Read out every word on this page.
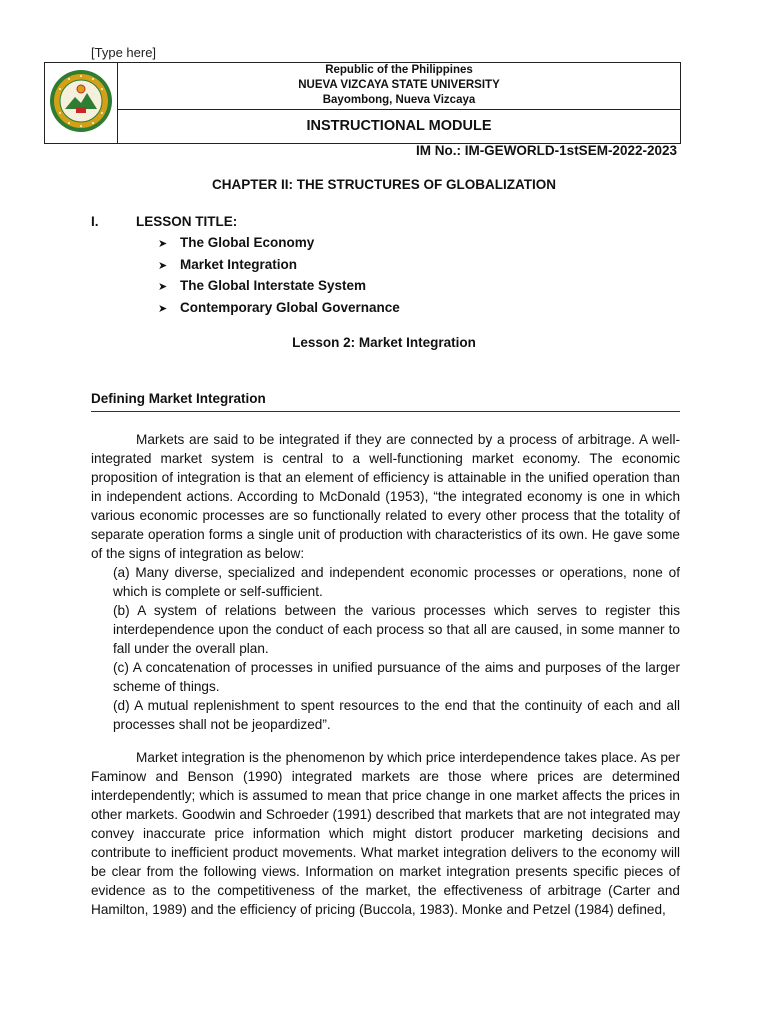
[Type here]

Republic of the Philippines
NUEVA VIZCAYA STATE UNIVERSITY
Bayombong, Nueva Vizcaya

INSTRUCTIONAL MODULE
IM No.: IM-GEWORLD-1stSEM-2022-2023
CHAPTER II: THE STRUCTURES OF GLOBALIZATION
I.	LESSON TITLE:
➤ The Global Economy
➤ Market Integration
➤ The Global Interstate System
➤ Contemporary Global Governance
Lesson 2: Market Integration
Defining Market Integration

Markets are said to be integrated if they are connected by a process of arbitrage. A well-integrated market system is central to a well-functioning market economy. The economic proposition of integration is that an element of efficiency is attainable in the unified operation than in independent actions. According to McDonald (1953), “the integrated economy is one in which various economic processes are so functionally related to every other process that the totality of separate operation forms a single unit of production with characteristics of its own. He gave some of the signs of integration as below:

(a) Many diverse, specialized and independent economic processes or operations, none of which is complete or self-sufficient.
(b) A system of relations between the various processes which serves to register this interdependence upon the conduct of each process so that all are caused, in some manner to fall under the overall plan.
(c) A concatenation of processes in unified pursuance of the aims and purposes of the larger scheme of things.
(d) A mutual replenishment to spent resources to the end that the continuity of each and all processes shall not be jeopardized”.

Market integration is the phenomenon by which price interdependence takes place. As per Faminow and Benson (1990) integrated markets are those where prices are determined interdependently; which is assumed to mean that price change in one market affects the prices in other markets. Goodwin and Schroeder (1991) described that markets that are not integrated may convey inaccurate price information which might distort producer marketing decisions and contribute to inefficient product movements. What market integration delivers to the economy will be clear from the following views. Information on market integration presents specific pieces of evidence as to the competitiveness of the market, the effectiveness of arbitrage (Carter and Hamilton, 1989) and the efficiency of pricing (Buccola, 1983). Monke and Petzel (1984) defined,
